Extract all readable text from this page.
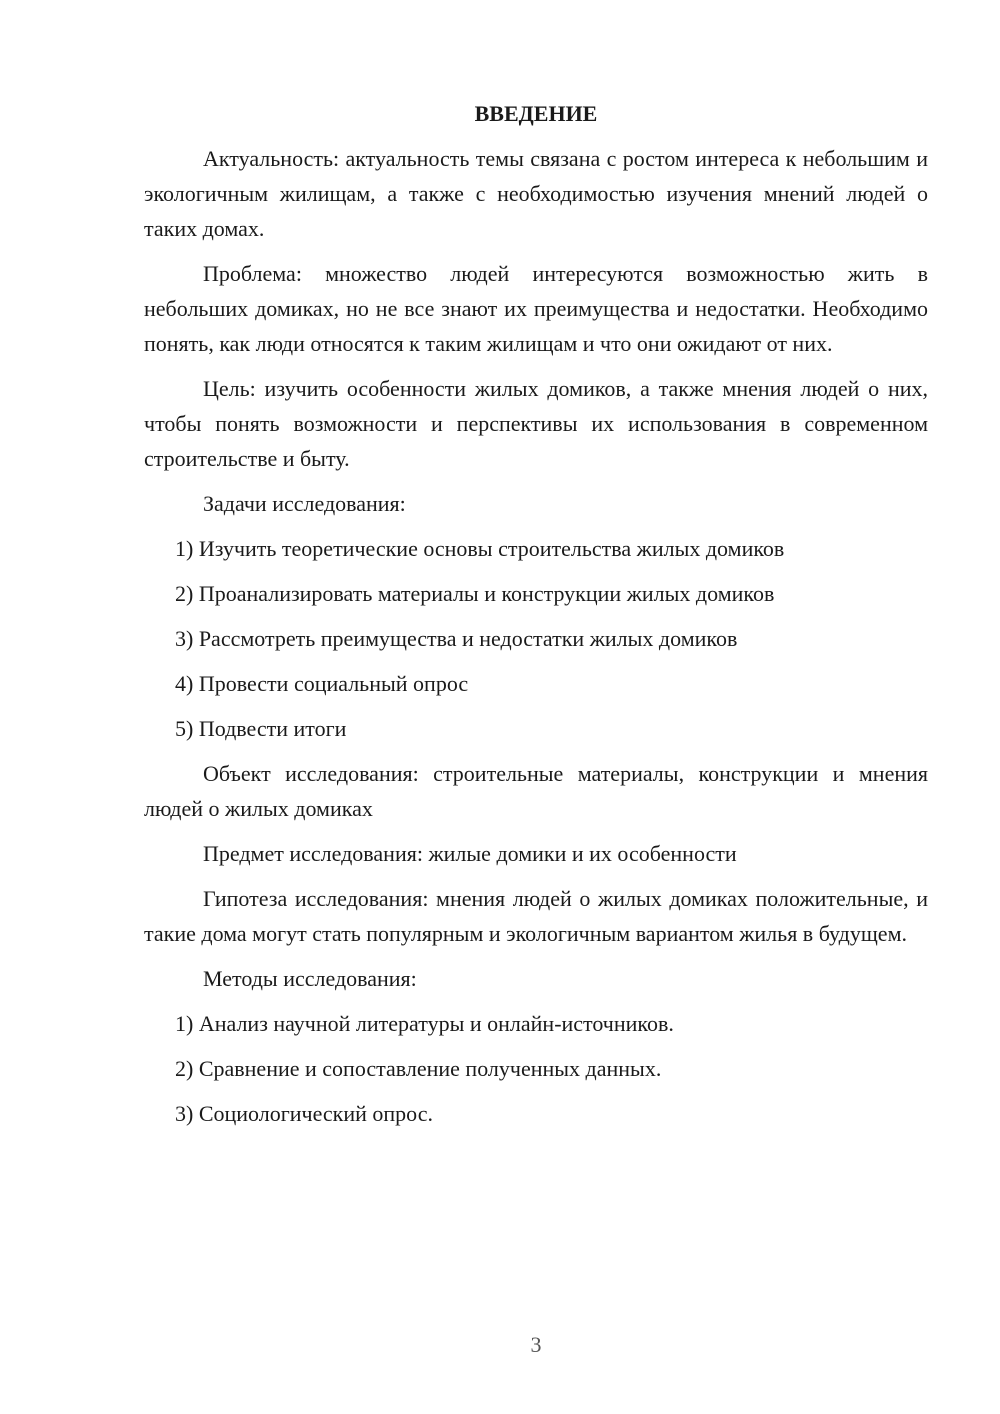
ВВЕДЕНИЕ

Актуальность: актуальность темы связана с ростом интереса к небольшим и экологичным жилищам, а также с необходимостью изучения мнений людей о таких домах.

Проблема: множество людей интересуются возможностью жить в небольших домиках, но не все знают их преимущества и недостатки. Необходимо понять, как люди относятся к таким жилищам и что они ожидают от них.

Цель: изучить особенности жилых домиков, а также мнения людей о них, чтобы понять возможности и перспективы их использования в современном строительстве и быту.

Задачи исследования:

1) Изучить теоретические основы строительства жилых домиков
2) Проанализировать материалы и конструкции жилых домиков
3) Рассмотреть преимущества и недостатки жилых домиков
4) Провести социальный опрос
5) Подвести итоги

Объект исследования: строительные материалы, конструкции и мнения людей о жилых домиках

Предмет исследования: жилые домики и их особенности

Гипотеза исследования: мнения людей о жилых домиках положительные, и такие дома могут стать популярным и экологичным вариантом жилья в будущем.

Методы исследования:

1) Анализ научной литературы и онлайн-источников.
2) Сравнение и сопоставление полученных данных.
3) Социологический опрос.
3
